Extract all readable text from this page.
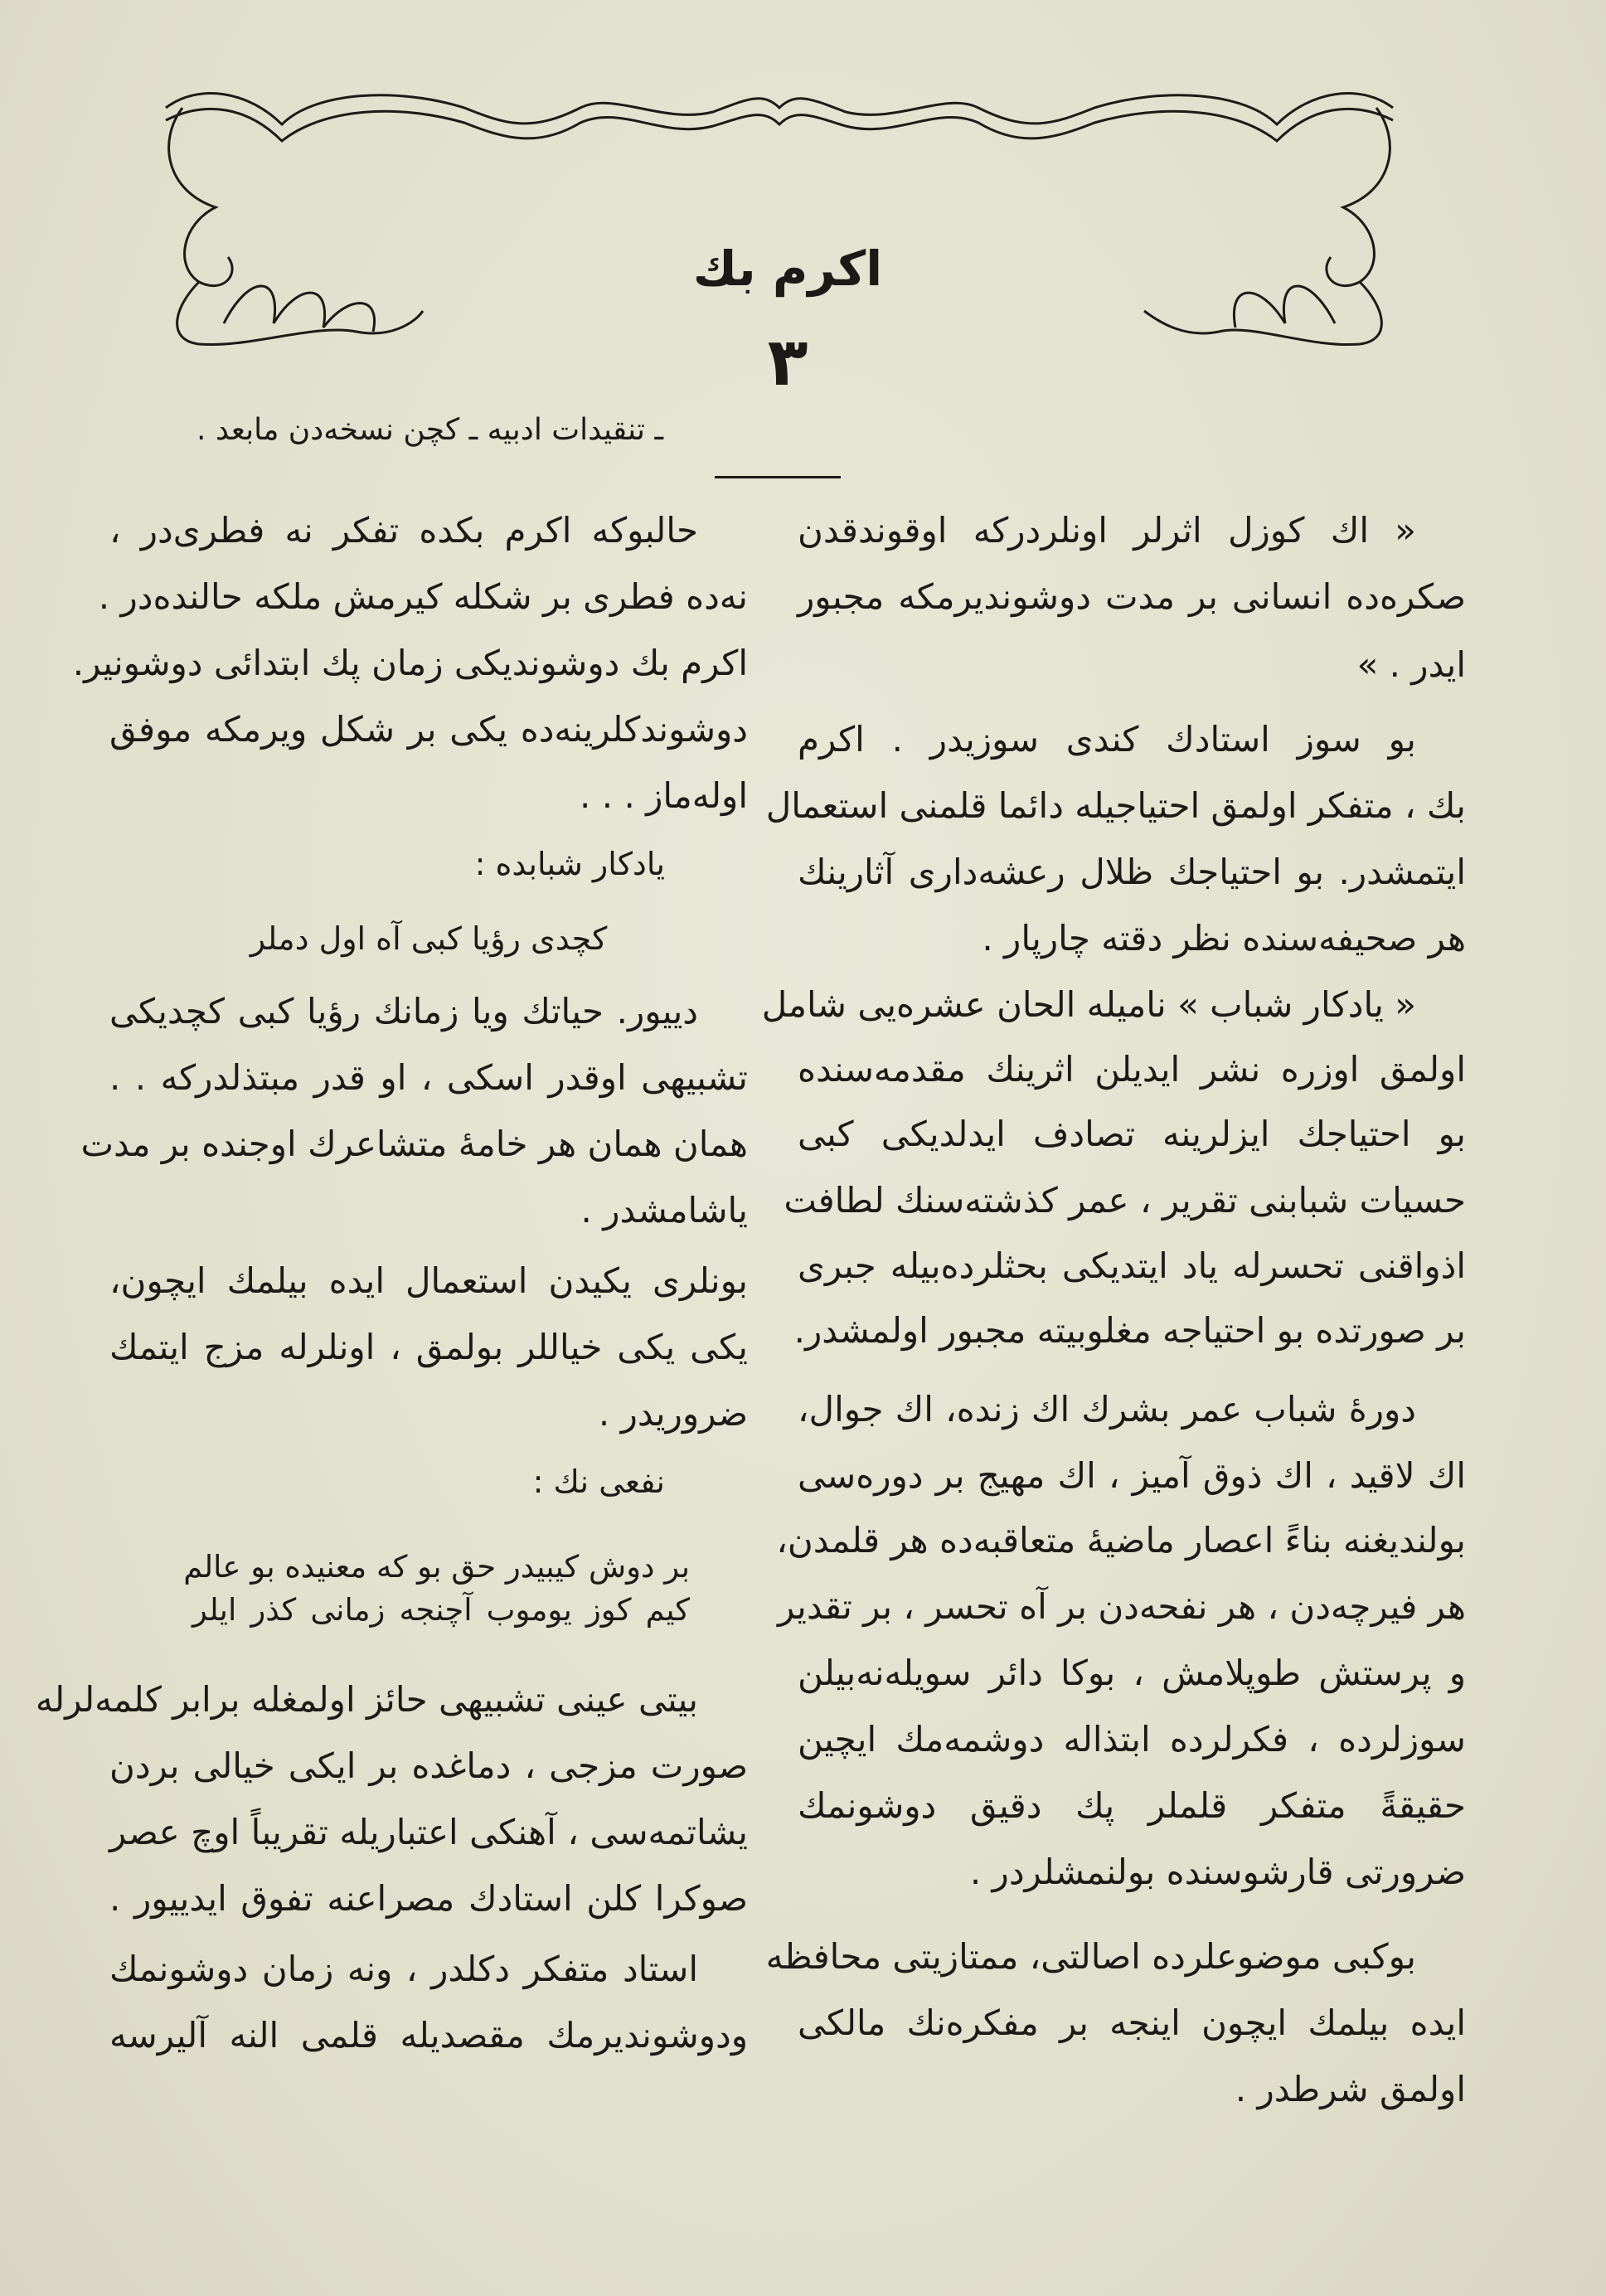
اکرم بك
٣
ـ تنقیدات ادبیه ـ کچن نسخه‌دن مابعد .
« اك كوزل اثرلر اونلردركه اوقوندقدن
صكره‌ده انسانی بر مدت دوشوندیرمكه مجبور
ایدر . »
بو سوز استادك كندی سوزیدر . اكرم
بك ، متفكر اولمق احتیاجیله دائما قلمنی استعمال
ایتمشدر. بو احتیاجك ظلال رعشه‌داری آثارینك
هر صحیفه‌سنده نظر دقته چارپار .
« یادكار شباب » نامیله الحان عشره‌یی شامل
اولمق اوزره نشر ایدیلن اثرینك مقدمه‌سنده
بو احتیاجك ایزلرینه تصادف ایدلدیكی كبی
حسیات شبابنی تقریر ، عمر كذشته‌سنك لطافت
اذواقنی تحسرله یاد ایتدیكی بحثلرده‌بیله جبری
بر صورتده بو احتیاجه مغلوبیته مجبور اولمشدر.
دورهٔ شباب عمر بشرك اك زنده، اك جوال،
اك لاقید ، اك ذوق آمیز ، اك مهیج بر دوره‌سی
بولندیغنه بناءً اعصار ماضیهٔ متعاقبه‌ده هر قلمدن،
هر فیرچه‌دن ، هر نفحه‌دن بر آه تحسر ، بر تقدیر
و پرستش طوپلامش ، بوكا دائر سویله‌نه‌بیلن
سوزلرده ، فكرلرده ابتذاله دوشمه‌مك ایچین
حقیقةً متفكر قلملر پك دقیق دوشونمك
ضرورتی قارشوسنده بولنمشلردر .
بوكبی موضوعلرده اصالتی، ممتازیتی محافظه
ایده بیلمك ایچون اینجه بر مفكره‌نك مالكی
اولمق شرطدر .
حالبوكه اكرم بكده تفكر نه فطری‌در ،
نه‌ده فطری بر شكله كیرمش ملكه حالنده‌در .
اكرم بك دوشوندیكی زمان پك ابتدائی دوشونیر.
دوشوندكلرینه‌ده یكی بر شكل ویرمكه موفق
اوله‌ماز . . .
یادكار شبابده :
كچدی رؤیا كبی آه اول دملر
دییور. حیاتك ویا زمانك رؤیا كبی كچدیكی
تشبیهی اوقدر اسكی ، او قدر مبتذلدركه . .
همان همان هر خامهٔ متشاعرك اوجنده بر مدت
یاشامشدر .
بونلری یكیدن استعمال ایده بیلمك ایچون،
یكی یكی خیاللر بولمق ، اونلرله مزج ایتمك
ضروریدر .
نفعی نك :
بر دوش كیبیدر حق بو كه معنیده بو عالم
كیم كوز یوموب آچنجه زمانی كذر ایلر
بیتی عینی تشبیهی حائز اولمغله برابر كلمه‌لرله
صورت مزجی ، دماغده بر ایكی خیالی بردن
یشاتمه‌سی ، آهنكی اعتباریله تقریباً اوچ عصر
صوكرا كلن استادك مصراعنه تفوق ایدییور .
استاد متفكر دكلدر ، ونه زمان دوشونمك
ودوشوندیرمك مقصدیله قلمی النه آلیرسه
